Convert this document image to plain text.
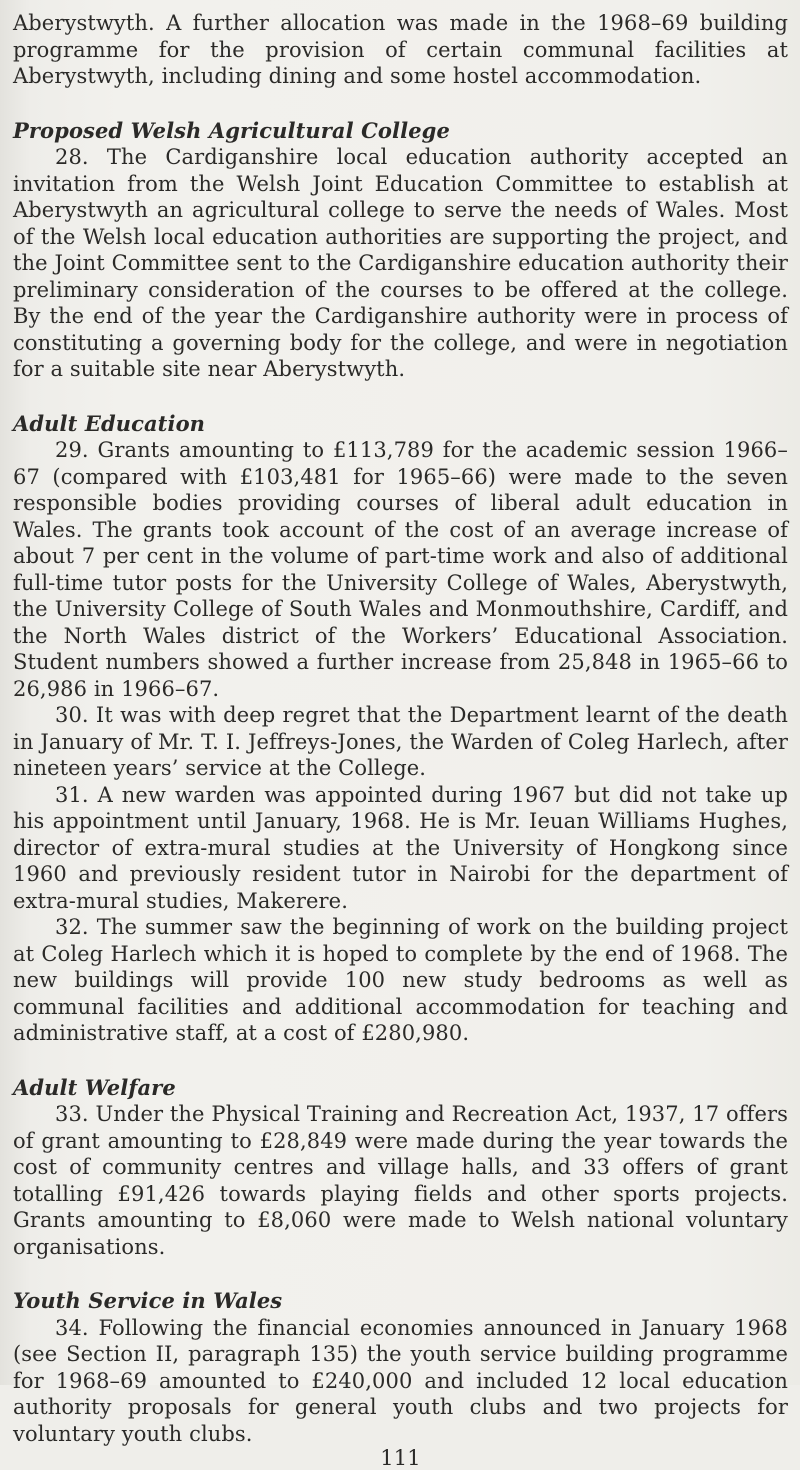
Aberystwyth. A further allocation was made in the 1968–69 building programme for the provision of certain communal facilities at Aberystwyth, including dining and some hostel accommodation.

Proposed Welsh Agricultural College

28. The Cardiganshire local education authority accepted an invitation from the Welsh Joint Education Committee to establish at Aberystwyth an agricultural college to serve the needs of Wales. Most of the Welsh local education authorities are supporting the project, and the Joint Committee sent to the Cardiganshire education authority their preliminary consideration of the courses to be offered at the college. By the end of the year the Cardiganshire authority were in process of constituting a governing body for the college, and were in negotiation for a suitable site near Aberystwyth.

Adult Education

29. Grants amounting to £113,789 for the academic session 1966–67 (compared with £103,481 for 1965–66) were made to the seven responsible bodies providing courses of liberal adult education in Wales. The grants took account of the cost of an average increase of about 7 per cent in the volume of part-time work and also of additional full-time tutor posts for the University College of Wales, Aberystwyth, the University College of South Wales and Monmouthshire, Cardiff, and the North Wales district of the Workers’ Educational Association. Student numbers showed a further increase from 25,848 in 1965–66 to 26,986 in 1966–67.

30. It was with deep regret that the Department learnt of the death in January of Mr. T. I. Jeffreys-Jones, the Warden of Coleg Harlech, after nineteen years’ service at the College.

31. A new warden was appointed during 1967 but did not take up his appointment until January, 1968. He is Mr. Ieuan Williams Hughes, director of extra-mural studies at the University of Hongkong since 1960 and previously resident tutor in Nairobi for the department of extra-mural studies, Makerere.

32. The summer saw the beginning of work on the building project at Coleg Harlech which it is hoped to complete by the end of 1968. The new buildings will provide 100 new study bedrooms as well as communal facilities and additional accommodation for teaching and administrative staff, at a cost of £280,980.

Adult Welfare

33. Under the Physical Training and Recreation Act, 1937, 17 offers of grant amounting to £28,849 were made during the year towards the cost of community centres and village halls, and 33 offers of grant totalling £91,426 towards playing fields and other sports projects. Grants amounting to £8,060 were made to Welsh national voluntary organisations.

Youth Service in Wales

34. Following the financial economies announced in January 1968 (see Section II, paragraph 135) the youth service building programme for 1968–69 amounted to £240,000 and included 12 local education authority proposals for general youth clubs and two projects for voluntary youth clubs.

111
